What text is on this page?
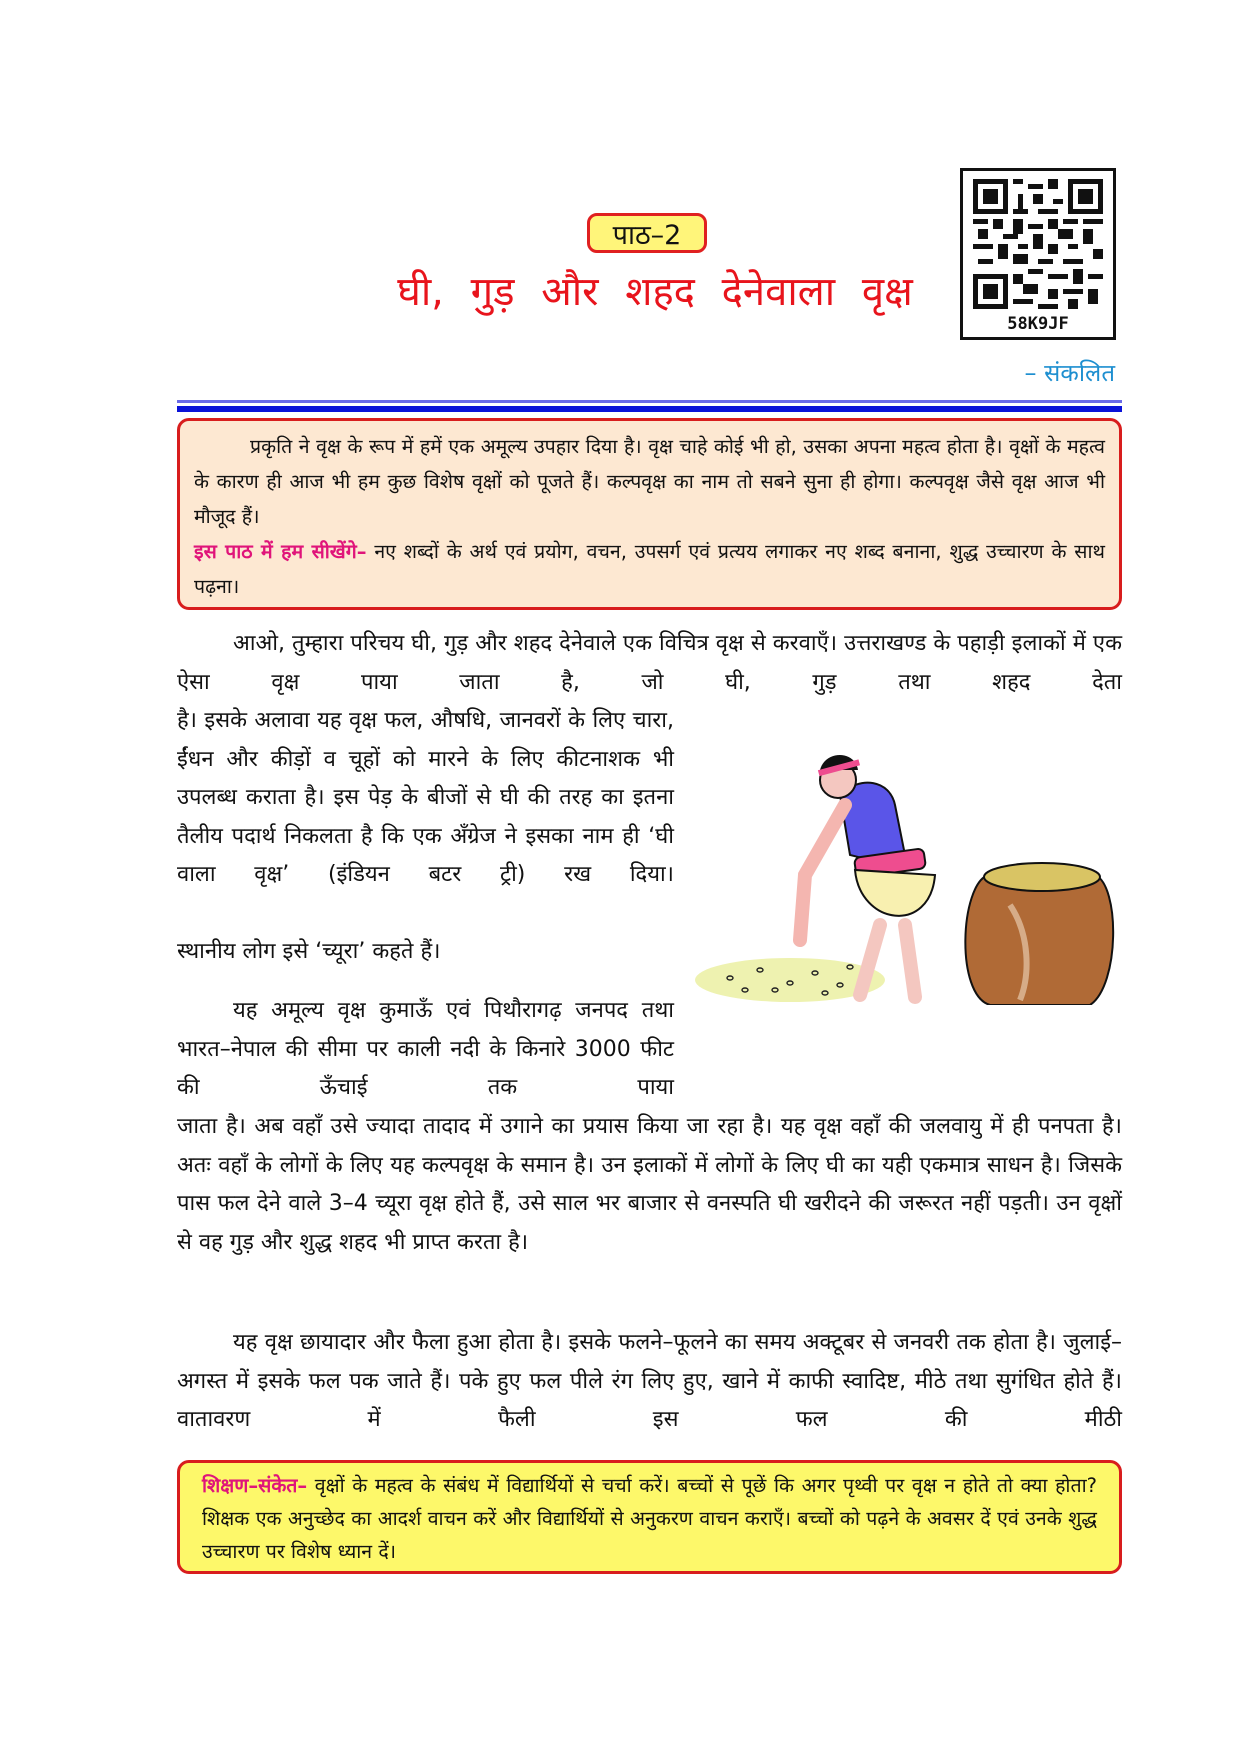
पाठ–2
घी, गुड़ और शहद देनेवाला वृक्ष
58K9JF
– संकलित

प्रकृति ने वृक्ष के रूप में हमें एक अमूल्य उपहार दिया है। वृक्ष चाहे कोई भी हो, उसका अपना महत्व होता है। वृक्षों के महत्व के कारण ही आज भी हम कुछ विशेष वृक्षों को पूजते हैं। कल्पवृक्ष का नाम तो सबने सुना ही होगा। कल्पवृक्ष जैसे वृक्ष आज भी मौजूद हैं।

इस पाठ में हम सीखेंगे– नए शब्दों के अर्थ एवं प्रयोग, वचन, उपसर्ग एवं प्रत्यय लगाकर नए शब्द बनाना, शुद्ध उच्चारण के साथ पढ़ना।

आओ, तुम्हारा परिचय घी, गुड़ और शहद देनेवाले एक विचित्र वृक्ष से करवाएँ। उत्तराखण्ड के पहाड़ी इलाकों में एक ऐसा वृक्ष पाया जाता है, जो घी, गुड़ तथा शहद देता

है। इसके अलावा यह वृक्ष फल, औषधि, जानवरों के लिए चारा, ईंधन और कीड़ों व चूहों को मारने के लिए कीटनाशक भी उपलब्ध कराता है। इस पेड़ के बीजों से घी की तरह का इतना तैलीय पदार्थ निकलता है कि एक अँग्रेज ने इसका नाम ही ‘घी वाला वृक्ष’ (इंडियन बटर ट्री) रख दिया।

स्थानीय लोग इसे ‘च्यूरा’ कहते हैं।

यह अमूल्य वृक्ष कुमाऊँ एवं पिथौरागढ़ जनपद तथा भारत–नेपाल की सीमा पर काली नदी के किनारे 3000 फीट की ऊँचाई तक पाया

जाता है। अब वहाँ उसे ज्यादा तादाद में उगाने का प्रयास किया जा रहा है। यह वृक्ष वहाँ की जलवायु में ही पनपता है। अतः वहाँ के लोगों के लिए यह कल्पवृक्ष के समान है। उन इलाकों में लोगों के लिए घी का यही एकमात्र साधन है। जिसके पास फल देने वाले 3–4 च्यूरा वृक्ष होते हैं, उसे साल भर बाजार से वनस्पति घी खरीदने की जरूरत नहीं पड़ती। उन वृक्षों से वह गुड़ और शुद्ध शहद भी प्राप्त करता है।

यह वृक्ष छायादार और फैला हुआ होता है। इसके फलने–फूलने का समय अक्टूबर से जनवरी तक होता है। जुलाई–अगस्त में इसके फल पक जाते हैं। पके हुए फल पीले रंग लिए हुए, खाने में काफी स्वादिष्ट, मीठे तथा सुगंधित होते हैं। वातावरण में फैली इस फल की मीठी

शिक्षण–संकेत– वृक्षों के महत्व के संबंध में विद्यार्थियों से चर्चा करें। बच्चों से पूछें कि अगर पृथ्वी पर वृक्ष न होते तो क्या होता? शिक्षक एक अनुच्छेद का आदर्श वाचन करें और विद्यार्थियों से अनुकरण वाचन कराएँ। बच्चों को पढ़ने के अवसर दें एवं उनके शुद्ध उच्चारण पर विशेष ध्यान दें।
